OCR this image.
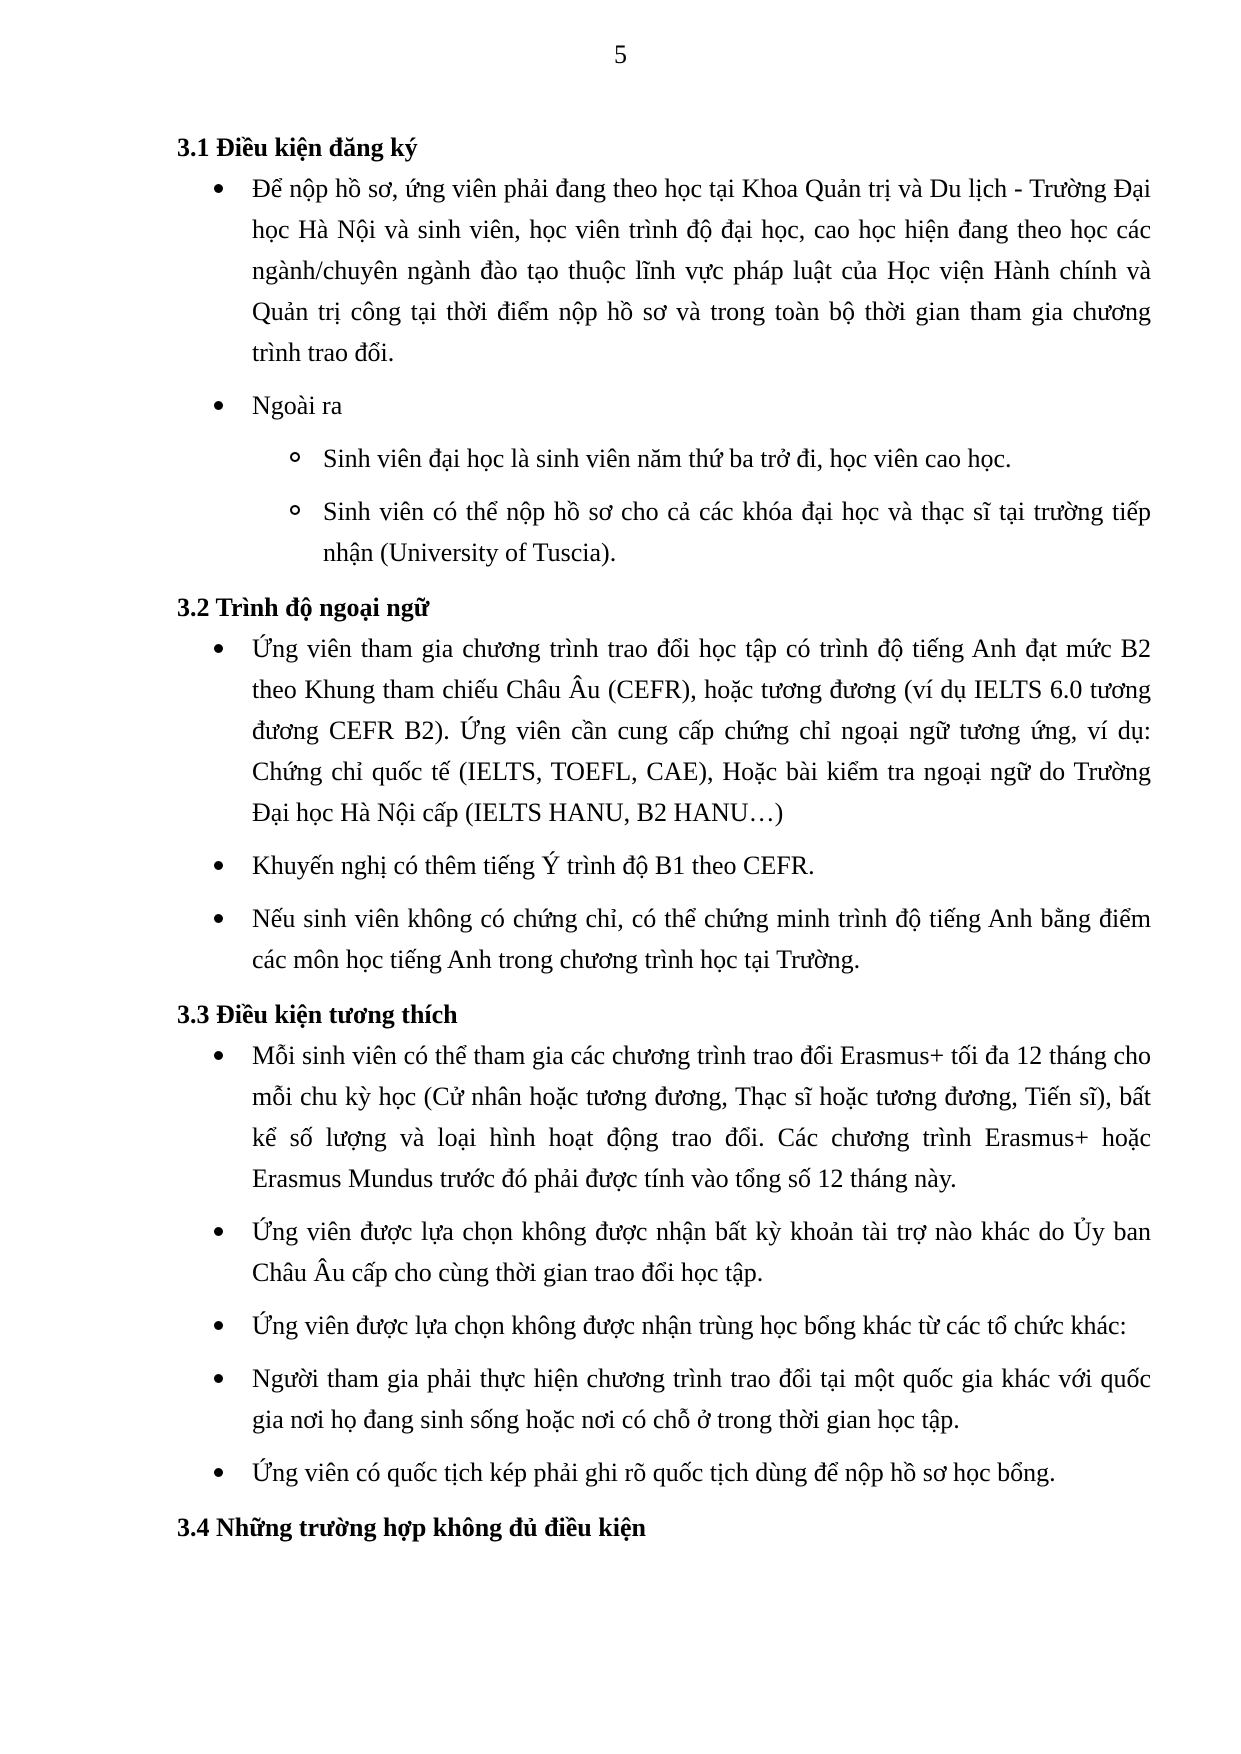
5
3.1 Điều kiện đăng ký

Để nộp hồ sơ, ứng viên phải đang theo học tại Khoa Quản trị và Du lịch - Trường Đại học Hà Nội và sinh viên, học viên trình độ đại học, cao học hiện đang theo học các ngành/chuyên ngành đào tạo thuộc lĩnh vực pháp luật của Học viện Hành chính và Quản trị công tại thời điểm nộp hồ sơ và trong toàn bộ thời gian tham gia chương trình trao đổi.

Ngoài ra

Sinh viên đại học là sinh viên năm thứ ba trở đi, học viên cao học.

Sinh viên có thể nộp hồ sơ cho cả các khóa đại học và thạc sĩ tại trường tiếp nhận (University of Tuscia).

3.2 Trình độ ngoại ngữ

Ứng viên tham gia chương trình trao đổi học tập có trình độ tiếng Anh đạt mức B2 theo Khung tham chiếu Châu Âu (CEFR), hoặc tương đương (ví dụ IELTS 6.0 tương đương CEFR B2). Ứng viên cần cung cấp chứng chỉ ngoại ngữ tương ứng, ví dụ: Chứng chỉ quốc tế (IELTS, TOEFL, CAE), Hoặc bài kiểm tra ngoại ngữ do Trường Đại học Hà Nội cấp (IELTS HANU, B2 HANU…)

Khuyến nghị có thêm tiếng Ý trình độ B1 theo CEFR.

Nếu sinh viên không có chứng chỉ, có thể chứng minh trình độ tiếng Anh bằng điểm các môn học tiếng Anh trong chương trình học tại Trường.

3.3 Điều kiện tương thích

Mỗi sinh viên có thể tham gia các chương trình trao đổi Erasmus+ tối đa 12 tháng cho mỗi chu kỳ học (Cử nhân hoặc tương đương, Thạc sĩ hoặc tương đương, Tiến sĩ), bất kể số lượng và loại hình hoạt động trao đổi. Các chương trình Erasmus+ hoặc Erasmus Mundus trước đó phải được tính vào tổng số 12 tháng này.

Ứng viên được lựa chọn không được nhận bất kỳ khoản tài trợ nào khác do Ủy ban Châu Âu cấp cho cùng thời gian trao đổi học tập.

Ứng viên được lựa chọn không được nhận trùng học bổng khác từ các tổ chức khác:

Người tham gia phải thực hiện chương trình trao đổi tại một quốc gia khác với quốc gia nơi họ đang sinh sống hoặc nơi có chỗ ở trong thời gian học tập.

Ứng viên có quốc tịch kép phải ghi rõ quốc tịch dùng để nộp hồ sơ học bổng.

3.4 Những trường hợp không đủ điều kiện
